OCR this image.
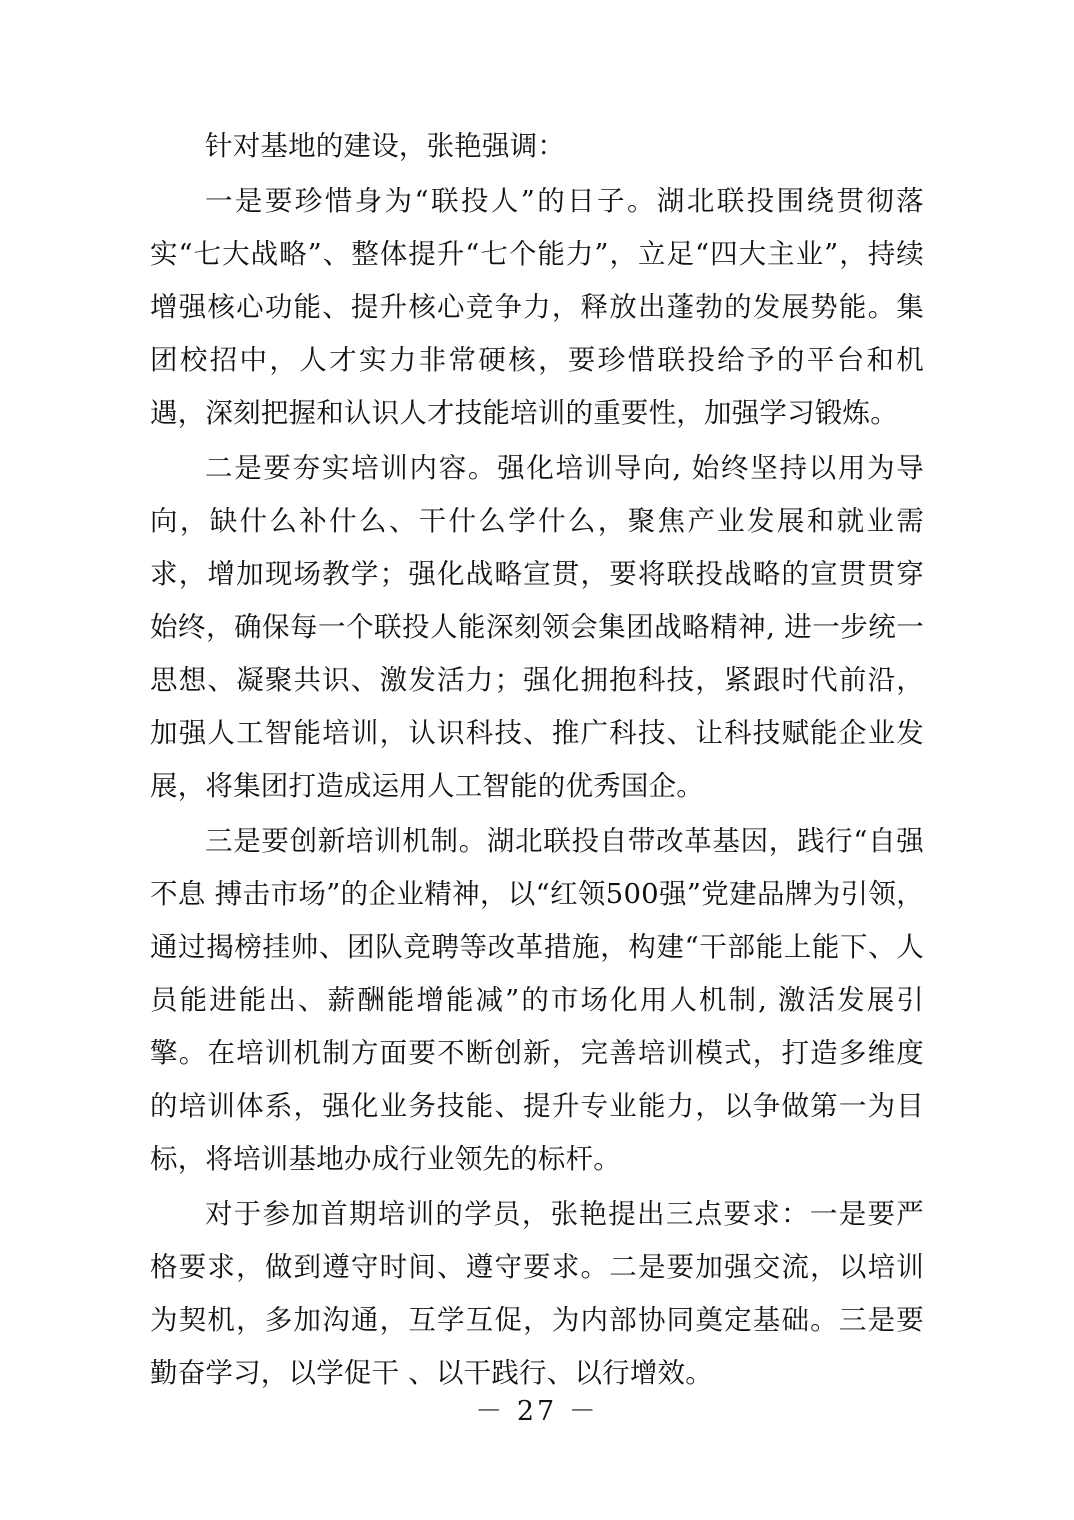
针对基地的建设，张艳强调：

一是要珍惜身为“联投人”的日子。湖北联投围绕贯彻落实“七大战略”、整体提升“七个能力”，立足“四大主业”，持续增强核心功能、提升核心竞争力，释放出蓬勃的发展势能。集团校招中，人才实力非常硬核，要珍惜联投给予的平台和机遇，深刻把握和认识人才技能培训的重要性，加强学习锻炼。

二是要夯实培训内容。强化培训导向, 始终坚持以用为导向，缺什么补什么、干什么学什么，聚焦产业发展和就业需求，增加现场教学；强化战略宣贯，要将联投战略的宣贯贯穿始终，确保每一个联投人能深刻领会集团战略精神, 进一步统一思想、凝聚共识、激发活力；强化拥抱科技，紧跟时代前沿，加强人工智能培训，认识科技、推广科技、让科技赋能企业发展，将集团打造成运用人工智能的优秀国企。

三是要创新培训机制。湖北联投自带改革基因，践行“自强不息 搏击市场”的企业精神，以“红领500强”党建品牌为引领，通过揭榜挂帅、团队竞聘等改革措施，构建“干部能上能下、人员能进能出、薪酬能增能减”的市场化用人机制, 激活发展引擎。在培训机制方面要不断创新，完善培训模式，打造多维度的培训体系，强化业务技能、提升专业能力，以争做第一为目标，将培训基地办成行业领先的标杆。

对于参加首期培训的学员，张艳提出三点要求：一是要严格要求，做到遵守时间、遵守要求。二是要加强交流，以培训为契机，多加沟通，互学互促，为内部协同奠定基础。三是要勤奋学习，以学促干 、以干践行、以行增效。

－ 27 －
